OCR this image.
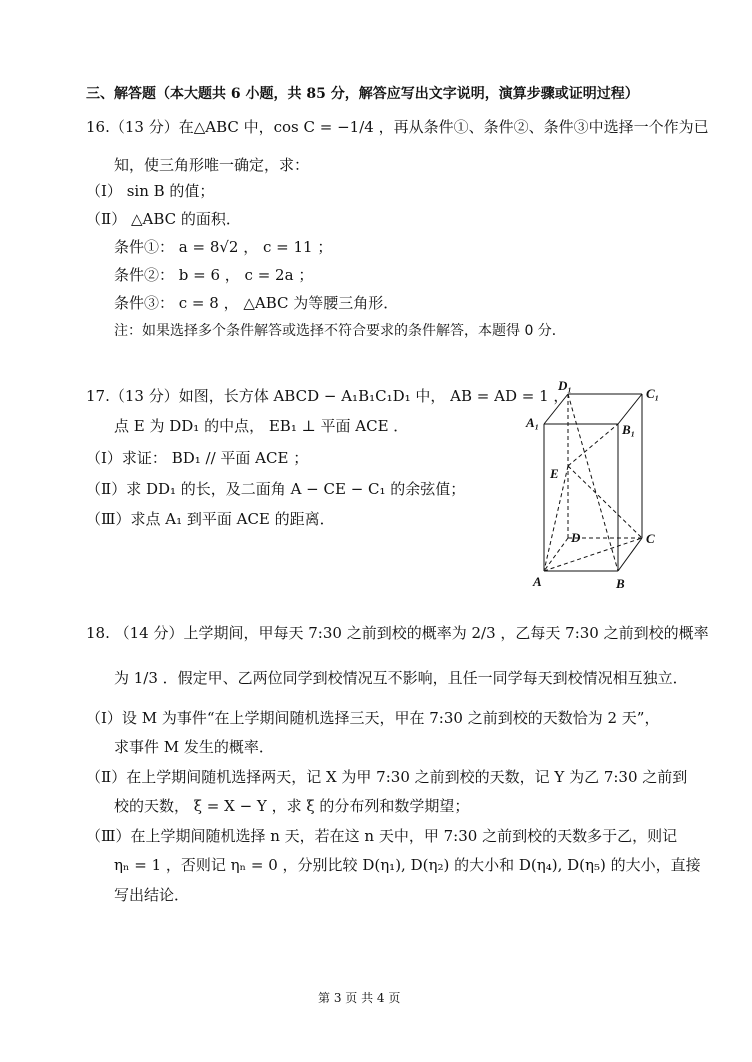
三、解答题（本大题共 6 小题，共 85 分，解答应写出文字说明，演算步骤或证明过程）
16.（13 分）在△ABC 中，cos C = −1/4 ，再从条件①、条件②、条件③中选择一个作为已
知，使三角形唯一确定，求：
（Ⅰ） sin B 的值；
（Ⅱ） △ABC 的面积．
条件①： a = 8√2 ， c = 11 ；
条件②： b = 6 ， c = 2a ；
条件③： c = 8 ， △ABC 为等腰三角形．
注：如果选择多个条件解答或选择不符合要求的条件解答，本题得 0 分．
17.（13 分）如图，长方体 ABCD − A₁B₁C₁D₁ 中， AB = AD = 1 ，
点 E 为 DD₁ 的中点， EB₁ ⊥ 平面 ACE ．
（Ⅰ）求证： BD₁ // 平面 ACE ；
（Ⅱ）求 DD₁ 的长，及二面角 A − CE − C₁ 的余弦值；
（Ⅲ）求点 A₁ 到平面 ACE 的距离．
D₁
C₁
A₁	B₁
E
D	C
A	B
18. （14 分）上学期间，甲每天 7:30 之前到校的概率为 2/3 ，乙每天 7:30 之前到校的概率
为 1/3 ．假定甲、乙两位同学到校情况互不影响，且任一同学每天到校情况相互独立．
（Ⅰ）设 M 为事件“在上学期间随机选择三天，甲在 7:30 之前到校的天数恰为 2 天”，
求事件 M 发生的概率．
（Ⅱ）在上学期间随机选择两天，记 X 为甲 7:30 之前到校的天数，记 Y 为乙 7:30 之前到
校的天数， ξ = X − Y ，求 ξ 的分布列和数学期望；
（Ⅲ）在上学期间随机选择 n 天，若在这 n 天中，甲 7:30 之前到校的天数多于乙，则记
ηₙ = 1 ，否则记 ηₙ = 0 ，分别比较 D(η₁), D(η₂) 的大小和 D(η₄), D(η₅) 的大小，直接
写出结论．
第 3 页 共 4 页
